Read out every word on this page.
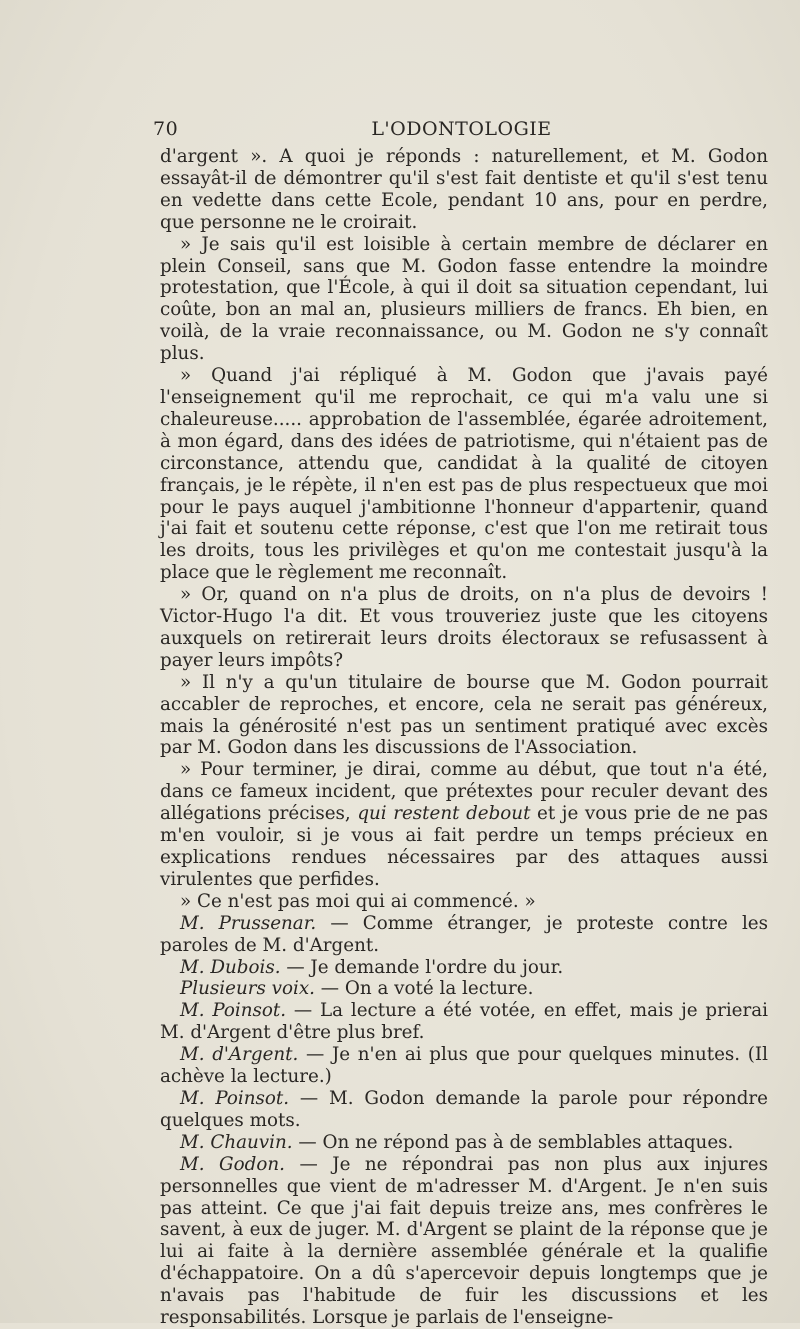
70	L'ODONTOLOGIE

d'argent ». A quoi je réponds : naturellement, et M. Godon essayât-il de démontrer qu'il s'est fait dentiste et qu'il s'est tenu en vedette dans cette Ecole, pendant 10 ans, pour en perdre, que personne ne le croirait.

» Je sais qu'il est loisible à certain membre de déclarer en plein Conseil, sans que M. Godon fasse entendre la moindre protestation, que l'École, à qui il doit sa situation cependant, lui coûte, bon an mal an, plusieurs milliers de francs. Eh bien, en voilà, de la vraie reconnaissance, ou M. Godon ne s'y connaît plus.

» Quand j'ai répliqué à M. Godon que j'avais payé l'enseignement qu'il me reprochait, ce qui m'a valu une si chaleureuse..... approbation de l'assemblée, égarée adroitement, à mon égard, dans des idées de patriotisme, qui n'étaient pas de circonstance, attendu que, candidat à la qualité de citoyen français, je le répète, il n'en est pas de plus respectueux que moi pour le pays auquel j'ambitionne l'honneur d'appartenir, quand j'ai fait et soutenu cette réponse, c'est que l'on me retirait tous les droits, tous les privilèges et qu'on me contestait jusqu'à la place que le règlement me reconnaît.

» Or, quand on n'a plus de droits, on n'a plus de devoirs ! Victor-Hugo l'a dit. Et vous trouveriez juste que les citoyens auxquels on retirerait leurs droits électoraux se refusassent à payer leurs impôts?

» Il n'y a qu'un titulaire de bourse que M. Godon pourrait accabler de reproches, et encore, cela ne serait pas généreux, mais la générosité n'est pas un sentiment pratiqué avec excès par M. Godon dans les discussions de l'Association.

» Pour terminer, je dirai, comme au début, que tout n'a été, dans ce fameux incident, que prétextes pour reculer devant des allégations précises, qui restent debout et je vous prie de ne pas m'en vouloir, si je vous ai fait perdre un temps précieux en explications rendues nécessaires par des attaques aussi virulentes que perfides.

» Ce n'est pas moi qui ai commencé. »

M. Prussenar. — Comme étranger, je proteste contre les paroles de M. d'Argent.

M. Dubois. — Je demande l'ordre du jour.

Plusieurs voix. — On a voté la lecture.

M. Poinsot. — La lecture a été votée, en effet, mais je prierai M. d'Argent d'être plus bref.

M. d'Argent. — Je n'en ai plus que pour quelques minutes. (Il achève la lecture.)

M. Poinsot. — M. Godon demande la parole pour répondre quelques mots.

M. Chauvin. — On ne répond pas à de semblables attaques.

M. Godon. — Je ne répondrai pas non plus aux injures personnelles que vient de m'adresser M. d'Argent. Je n'en suis pas atteint. Ce que j'ai fait depuis treize ans, mes confrères le savent, à eux de juger. M. d'Argent se plaint de la réponse que je lui ai faite à la dernière assemblée générale et la qualifie d'échappatoire. On a dû s'apercevoir depuis longtemps que je n'avais pas l'habitude de fuir les discussions et les responsabilités. Lorsque je parlais de l'enseigne-
